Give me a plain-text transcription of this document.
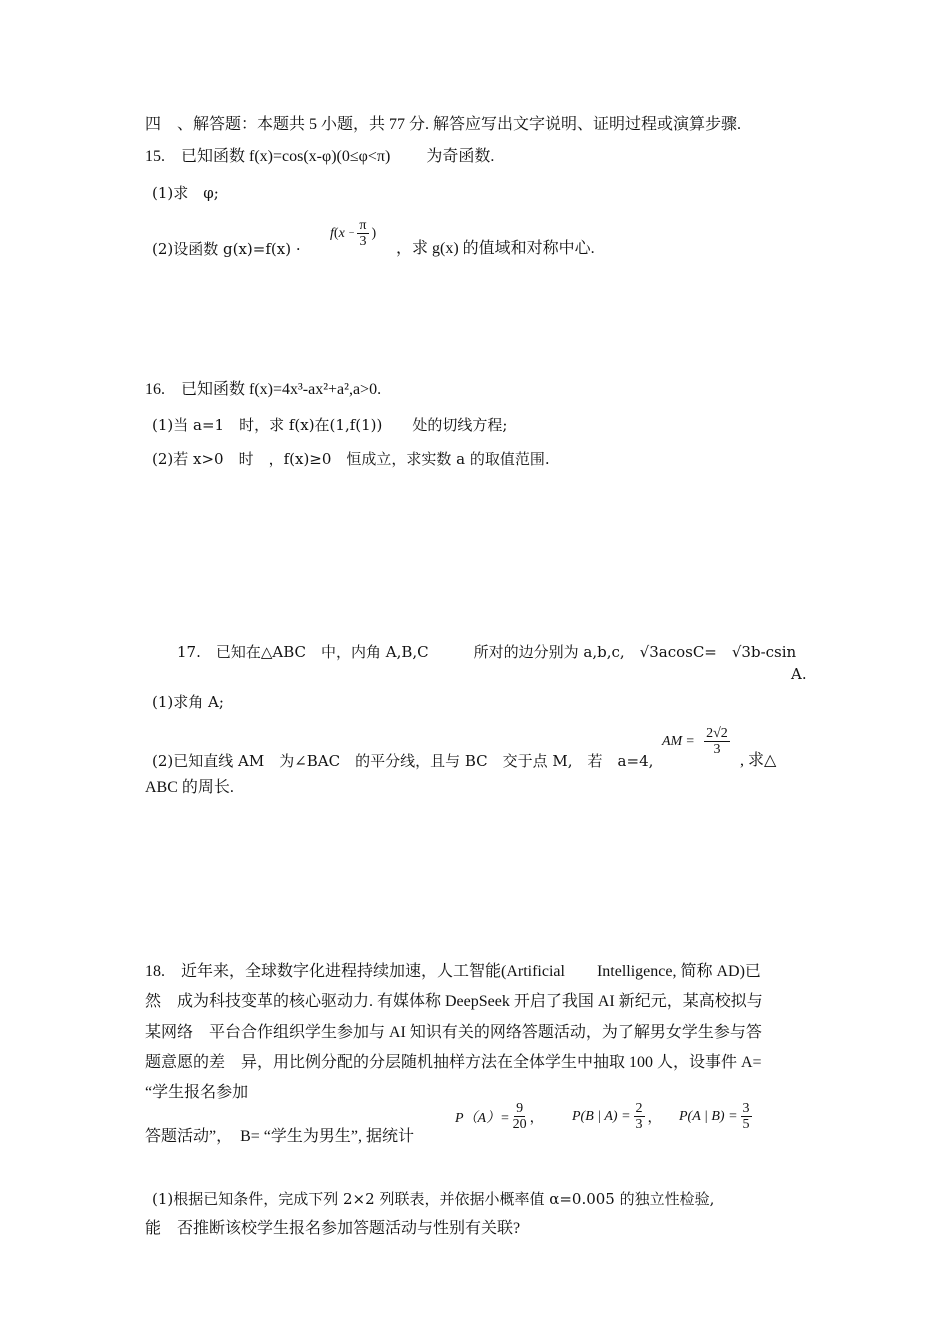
四　、解答题：本题共 5 小题，共 77 分. 解答应写出文字说明、证明过程或演算步骤.
15.　已知函数 f(x)=cos(x-φ)(0≤φ<π)　　 为奇函数.
(1)求　φ;
(2)设函数 g(x)=f(x) ·
f ( $x - \frac{\pi}{3}$ )
，求 g(x) 的值域和对称中心.
16.　已知函数 f(x)=4x³-ax²+a²,a>0.
(1)当 a=1　时，求 f(x)在(1,f(1))　　处的切线方程;
(2)若 x>0　时　，f(x)≥0　恒成立，求实数 a 的取值范围.
17.　已知在△ABC　中，内角 A,B,C　　　所对的边分别为 a,b,c,　√3acosC=　√3b-csin
A.
(1)求角 A;
(2)已知直线 AM　为∠BAC　的平分线，且与 BC　交于点 M,　若　a=4,
AM = $\frac{2√2}{3}$
, 求△
ABC 的周长.
18.　近年来，全球数字化进程持续加速，人工智能(Artificial　　Intelligence, 简称 AD)已
然　成为科技变革的核心驱动力. 有媒体称 DeepSeek 开启了我国 AI 新纪元，某高校拟与
某网络　平台合作组织学生参加与 AI 知识有关的网络答题活动，为了解男女学生参与答
题意愿的差　异，用比例分配的分层随机抽样方法在全体学生中抽取 100 人，设事件 A=
“学生报名参加
答题活动”，　B= “学生为男生”, 据统计
$P(A)= \frac{9}{20}$ ， P(B | $A) = \frac{2}{3}$ ， P(A | $B) = \frac{3}{5}$
(1)根据已知条件，完成下列 2×2 列联表，并依据小概率值 α=0.005 的独立性检验,
能　否推断该校学生报名参加答题活动与性别有关联?
